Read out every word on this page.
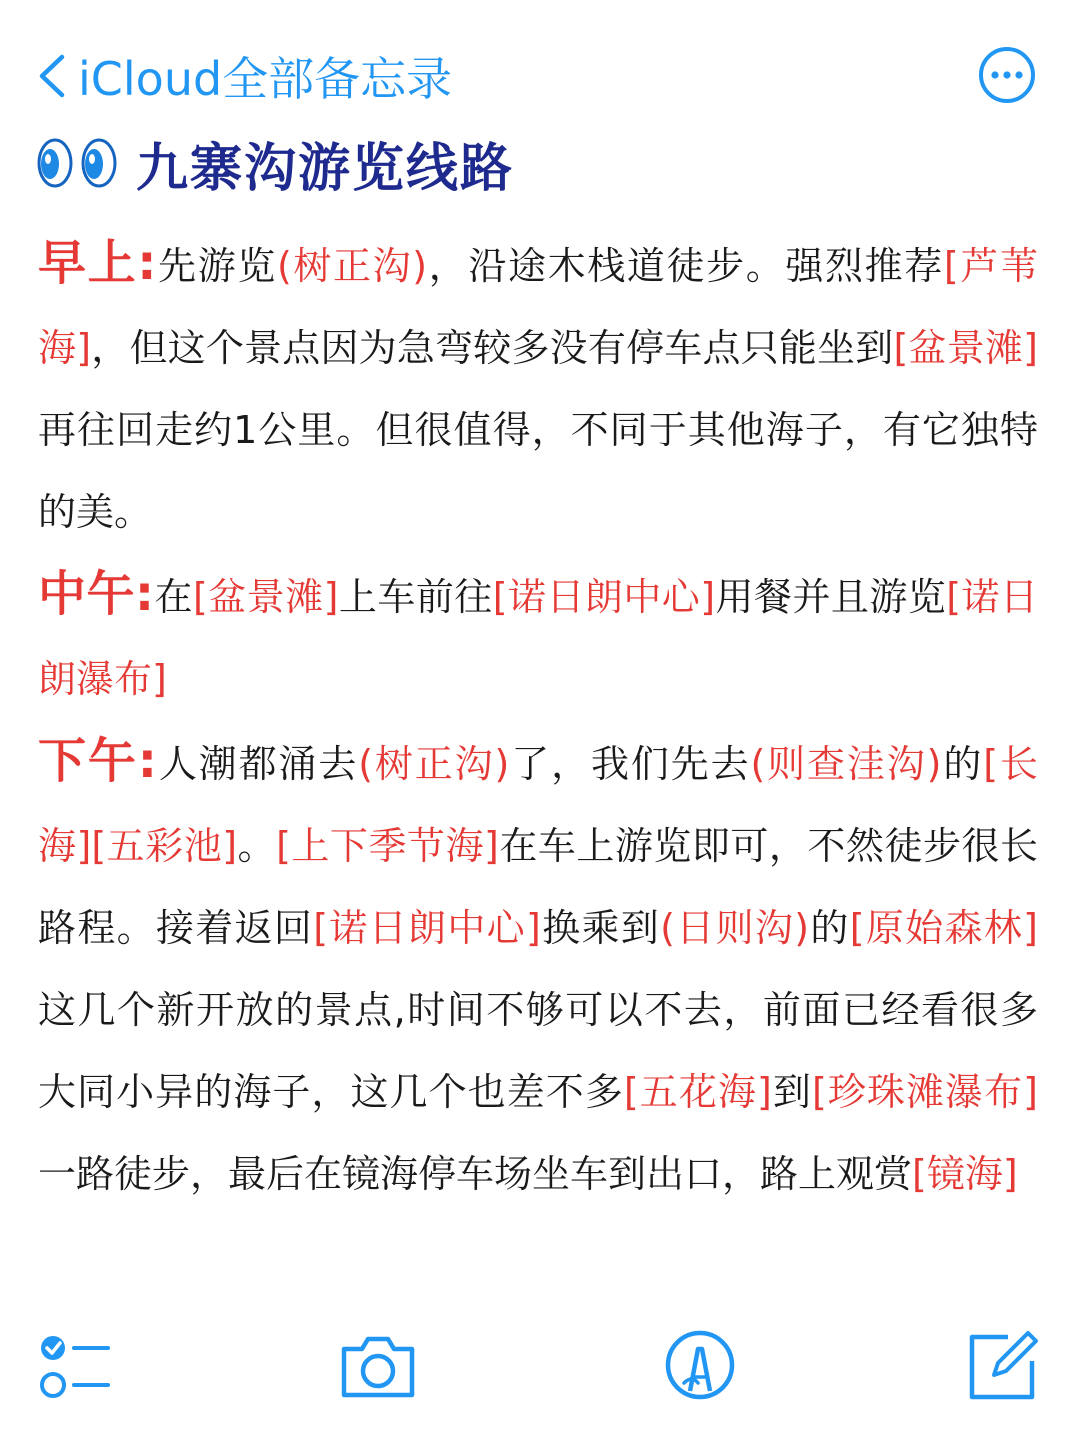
iCloud全部备忘录
九寨沟游览线路

早上:先游览(树正沟)，沿途木栈道徒步。强烈推荐[芦苇海]，但这个景点因为急弯较多没有停车点只能坐到[盆景滩]再往回走约1公里。但很值得，不同于其他海子，有它独特的美。

中午:在[盆景滩]上车前往[诺日朗中心]用餐并且游览[诺日朗瀑布]

下午:人潮都涌去(树正沟)了，我们先去(则查洼沟)的[长海][五彩池]。[上下季节海]在车上游览即可，不然徒步很长路程。接着返回[诺日朗中心]换乘到(日则沟)的[原始森林]这几个新开放的景点,时间不够可以不去，前面已经看很多大同小异的海子，这几个也差不多[五花海]到[珍珠滩瀑布]一路徒步，最后在镜海停车场坐车到出口，路上观赏[镜海]
